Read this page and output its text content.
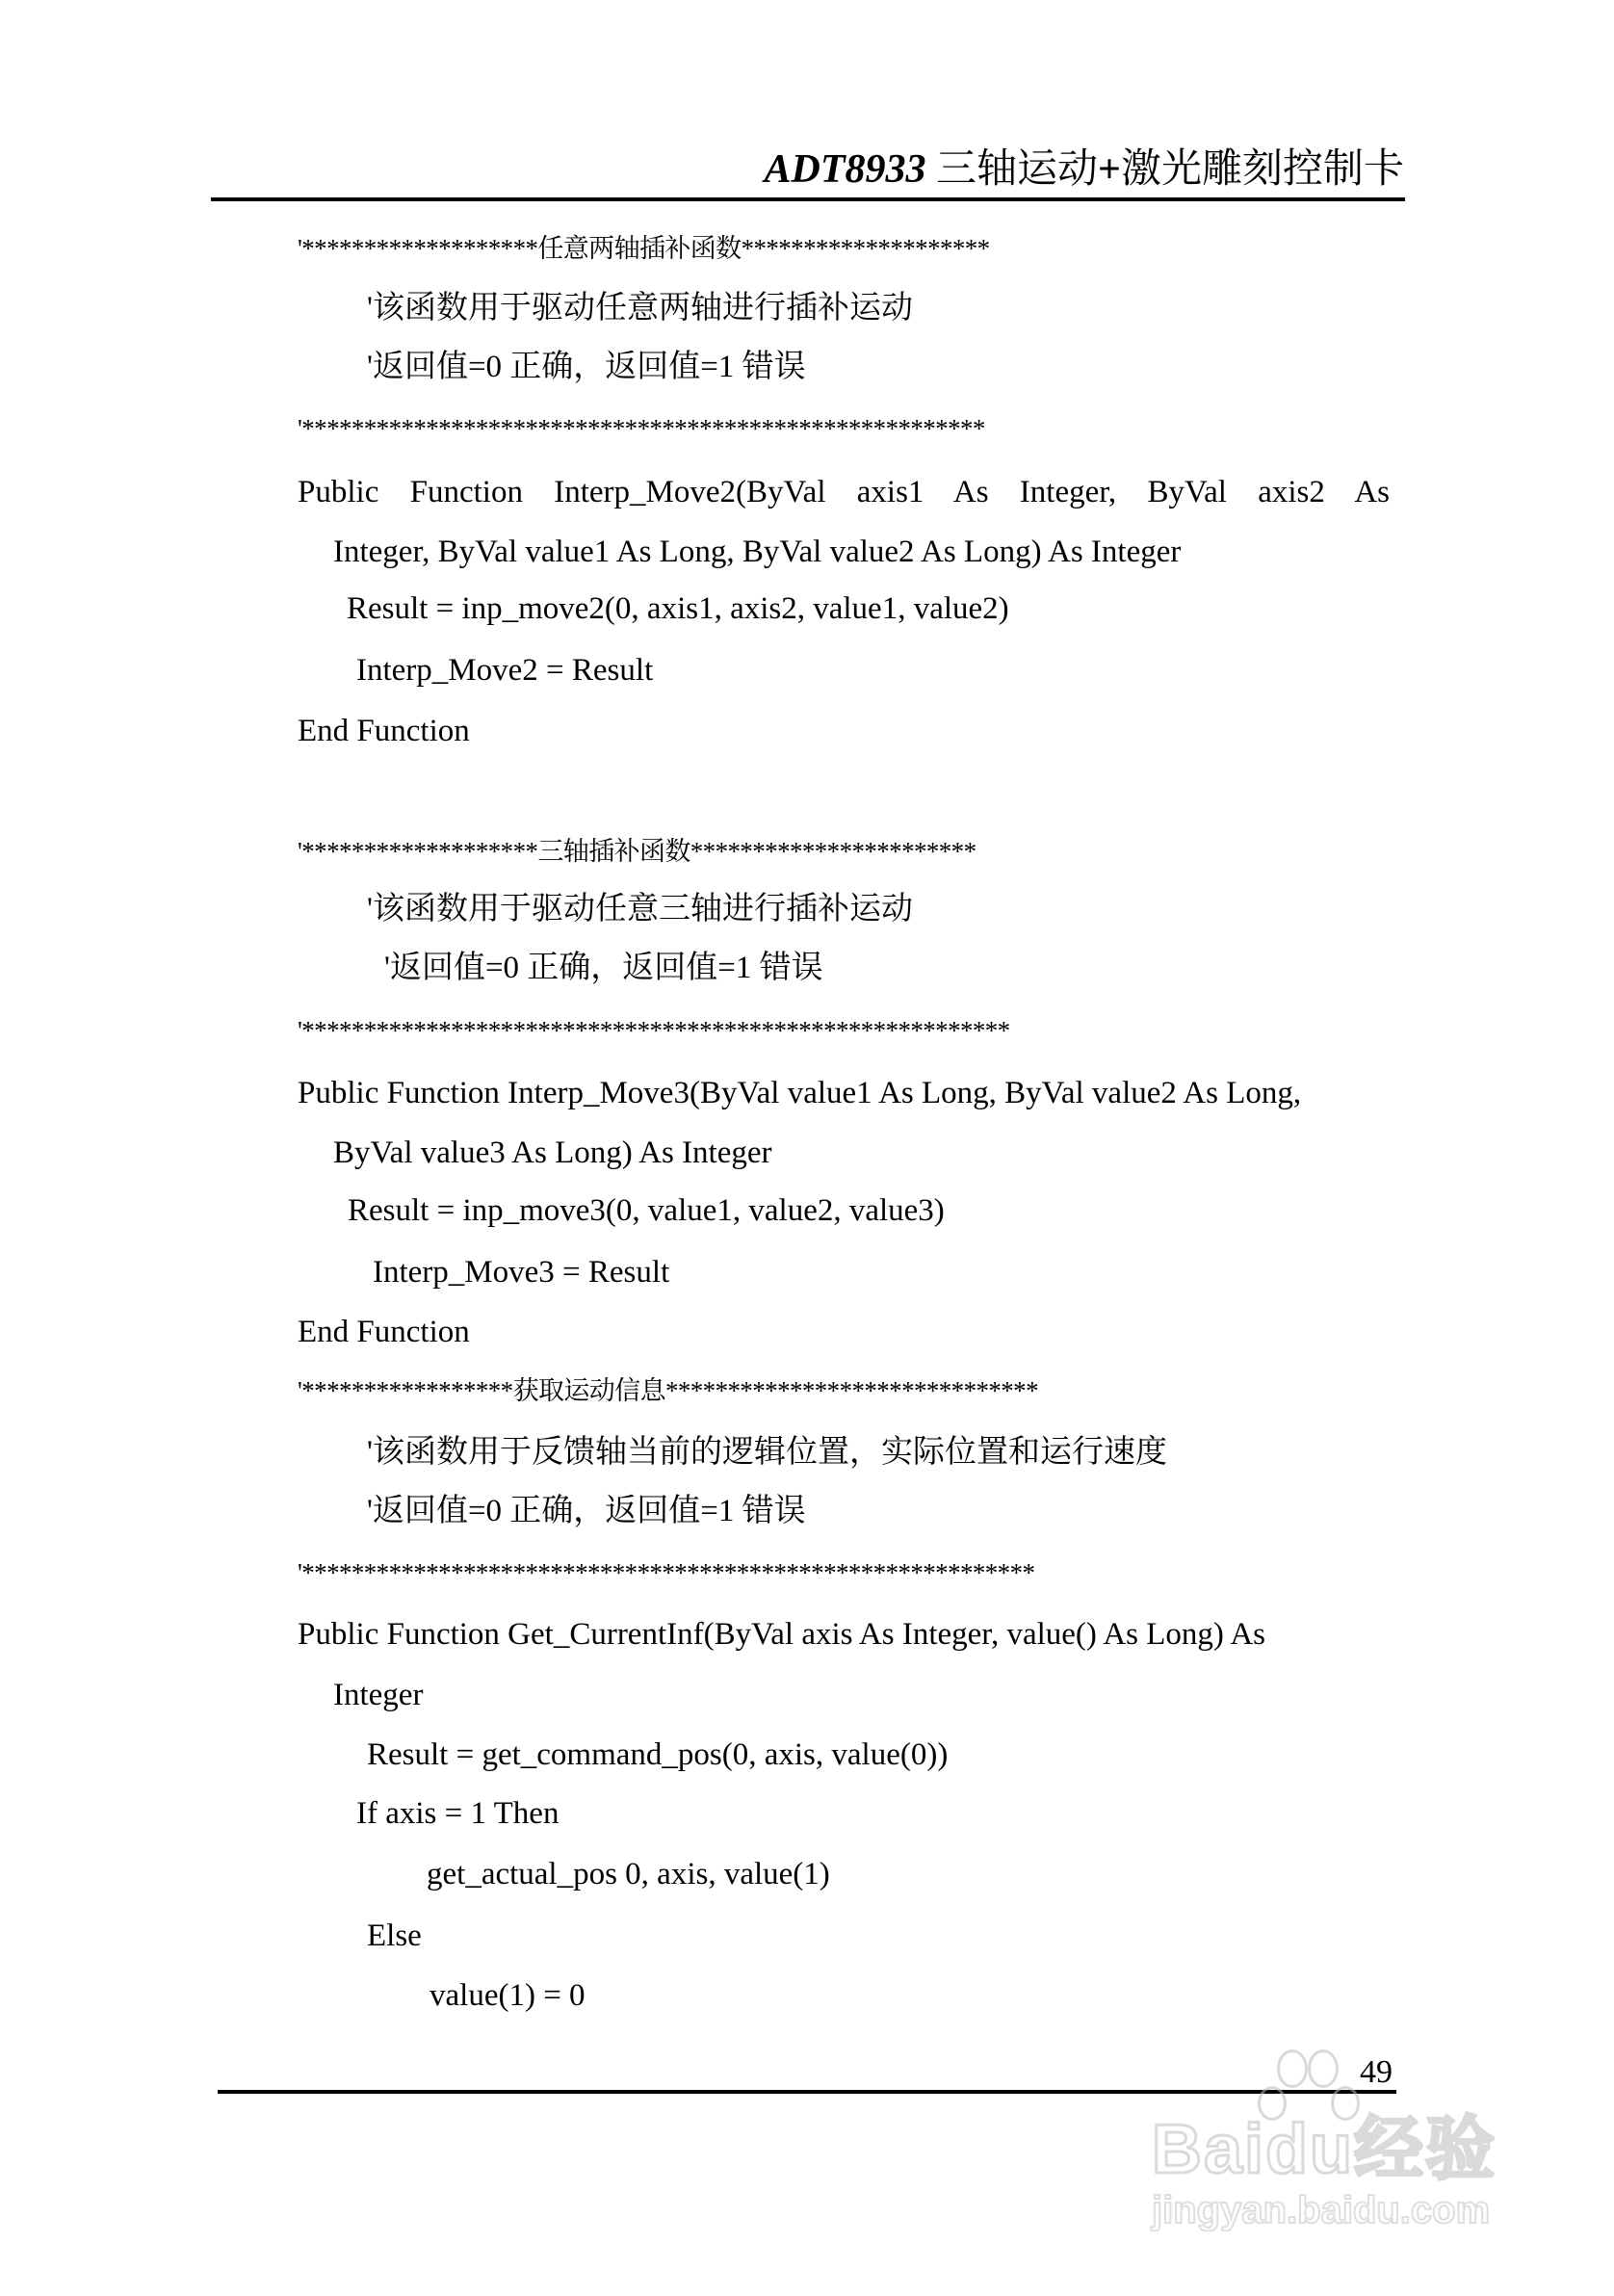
ADT8933 三轴运动+激光雕刻控制卡
'*******************任意两轴插补函数********************
'该函数用于驱动任意两轴进行插补运动
'返回值=0 正确，返回值=1 错误
'*******************************************************
Public Function Interp_Move2(ByVal axis1 As Integer, ByVal axis2 As
Integer, ByVal value1 As Long, ByVal value2 As Long) As Integer
Result = inp_move2(0, axis1, axis2, value1, value2)
Interp_Move2 = Result
End Function
'*******************三轴插补函数***********************
'该函数用于驱动任意三轴进行插补运动
'返回值=0 正确，返回值=1 错误
'*********************************************************
Public Function Interp_Move3(ByVal value1 As Long, ByVal value2 As Long,
ByVal value3 As Long) As Integer
Result = inp_move3(0, value1, value2, value3)
Interp_Move3 = Result
End Function
'*****************获取运动信息******************************
'该函数用于反馈轴当前的逻辑位置，实际位置和运行速度
'返回值=0 正确，返回值=1 错误
'***********************************************************
Public Function Get_CurrentInf(ByVal axis As Integer, value() As Long) As
Integer
Result = get_command_pos(0, axis, value(0))
If axis = 1 Then
get_actual_pos 0, axis, value(1)
Else
value(1) = 0
49
Baidu经验
jingyan.baidu.com
